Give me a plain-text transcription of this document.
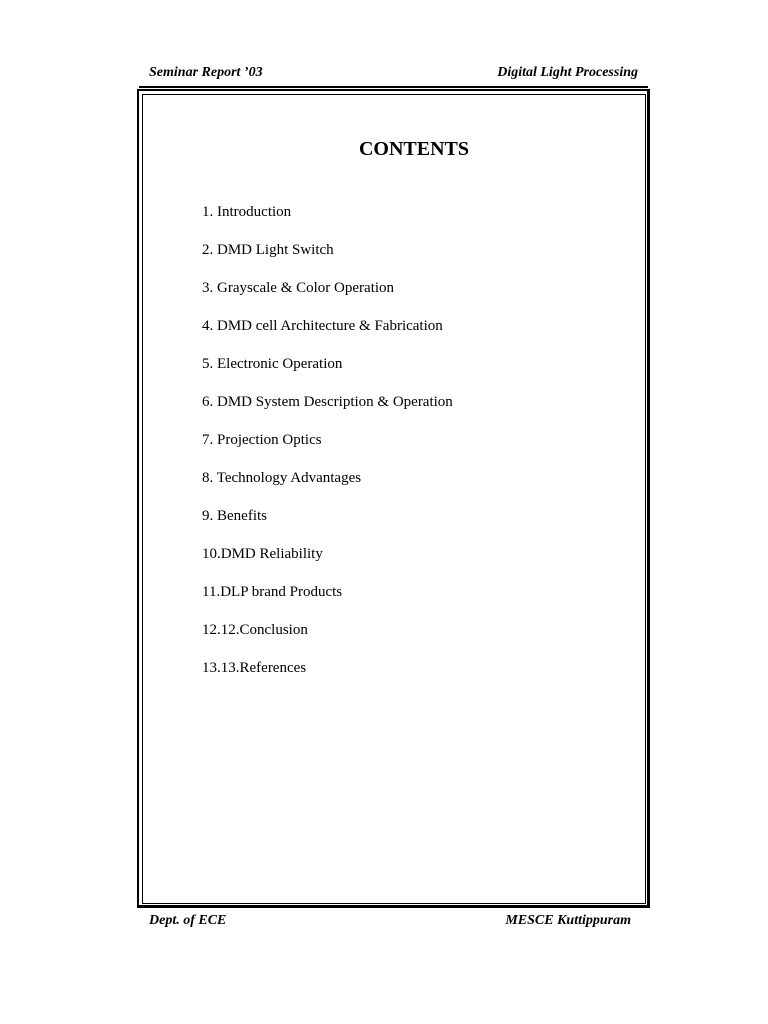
Seminar Report ’03	Digital Light Processing
CONTENTS
1. Introduction
2. DMD Light Switch
3. Grayscale & Color Operation
4. DMD cell Architecture & Fabrication
5. Electronic Operation
6. DMD System Description & Operation
7. Projection Optics
8. Technology Advantages
9. Benefits
10.DMD Reliability
11.DLP brand Products
12.12.Conclusion
13.13.References
Dept. of ECE	MESCE Kuttippuram
